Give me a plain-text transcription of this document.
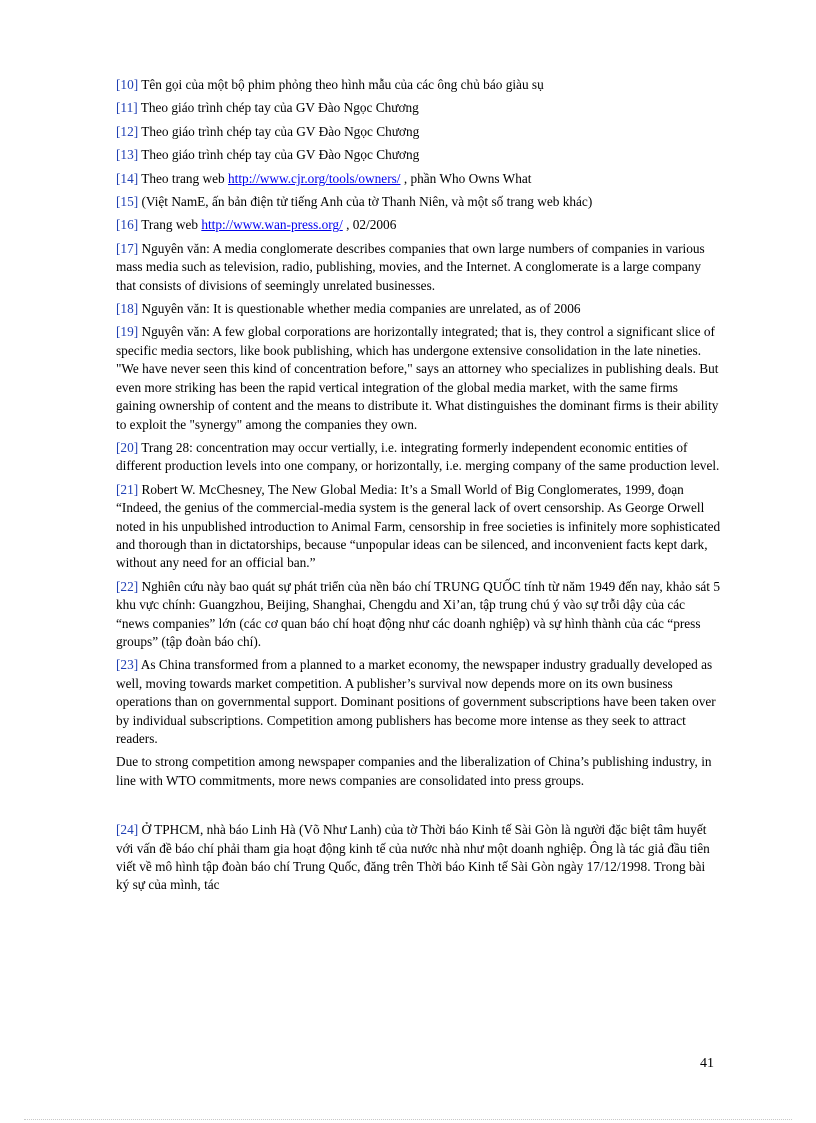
[10] Tên gọi của một bộ phim phỏng theo hình mẫu của các ông chủ báo giàu sụ

[11] Theo giáo trình chép tay của GV Đào Ngọc Chương

[12] Theo giáo trình chép tay của GV Đào Ngọc Chương

[13] Theo giáo trình chép tay của GV Đào Ngọc Chương

[14] Theo trang web http://www.cjr.org/tools/owners/ , phần Who Owns What

[15] (Việt NamE, ấn bản điện tử tiếng Anh của tờ Thanh Niên, và một số trang web khác)

[16] Trang web http://www.wan-press.org/ , 02/2006

[17] Nguyên văn: A media conglomerate describes companies that own large numbers of companies in various mass media such as television, radio, publishing, movies, and the Internet. A conglomerate is a large company that consists of divisions of seemingly unrelated businesses.

[18] Nguyên văn: It is questionable whether media companies are unrelated, as of 2006

[19] Nguyên văn: A few global corporations are horizontally integrated; that is, they control a significant slice of specific media sectors, like book publishing, which has undergone extensive consolidation in the late nineties. "We have never seen this kind of concentration before," says an attorney who specializes in publishing deals. But even more striking has been the rapid vertical integration of the global media market, with the same firms gaining ownership of content and the means to distribute it. What distinguishes the dominant firms is their ability to exploit the "synergy" among the companies they own.

[20] Trang 28: concentration may occur vertially, i.e. integrating formerly independent economic entities of different production levels into one company, or horizontally, i.e. merging company of the same production level.

[21] Robert W. McChesney, The New Global Media: It’s a Small World of Big Conglomerates, 1999, đoạn “Indeed, the genius of the commercial-media system is the general lack of overt censorship. As George Orwell noted in his unpublished introduction to Animal Farm, censorship in free societies is infinitely more sophisticated and thorough than in dictatorships, because “unpopular ideas can be silenced, and inconvenient facts kept dark, without any need for an official ban.”

[22] Nghiên cứu này bao quát sự phát triển của nền báo chí TRUNG QUỐC tính từ năm 1949 đến nay, khảo sát 5 khu vực chính: Guangzhou, Beijing, Shanghai, Chengdu and Xi’an, tập trung chú ý vào sự trỗi dậy của các “news companies” lớn (các cơ quan báo chí hoạt động như các doanh nghiệp) và sự hình thành của các “press groups” (tập đoàn báo chí).

[23] As China transformed from a planned to a market economy, the newspaper industry gradually developed as well, moving towards market competition. A publisher’s survival now depends more on its own business operations than on governmental support. Dominant positions of government subscriptions have been taken over by individual subscriptions. Competition among publishers has become more intense as they seek to attract readers.

Due to strong competition among newspaper companies and the liberalization of China’s publishing industry, in line with WTO commitments, more news companies are consolidated into press groups.

[24] Ở TPHCM, nhà báo Linh Hà (Võ Như Lanh) của tờ Thời báo Kinh tế Sài Gòn là người đặc biệt tâm huyết với vấn đề báo chí phải tham gia hoạt động kinh tế của nước nhà như một doanh nghiệp. Ông là tác giả đầu tiên viết về mô hình tập đoàn báo chí Trung Quốc, đăng trên Thời báo Kinh tế Sài Gòn ngày 17/12/1998. Trong bài ký sự của mình, tác

41
